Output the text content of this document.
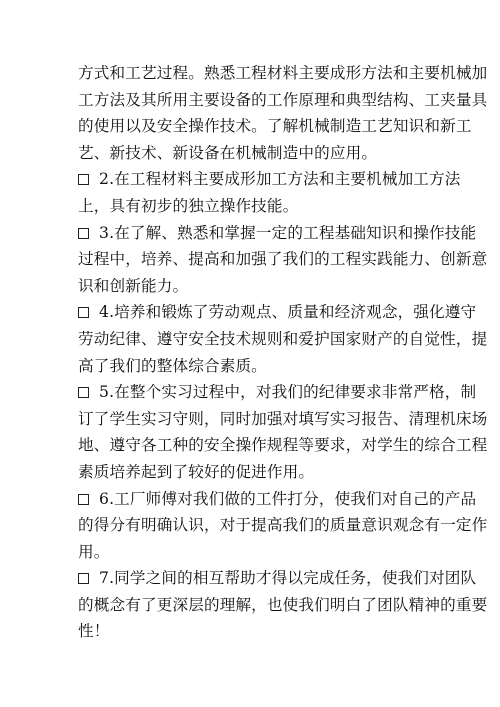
方式和工艺过程。熟悉工程材料主要成形方法和主要机械加
工方法及其所用主要设备的工作原理和典型结构、工夹量具
的使用以及安全操作技术。了解机械制造工艺知识和新工
艺、新技术、新设备在机械制造中的应用。
2.在工程材料主要成形加工方法和主要机械加工方法
上，具有初步的独立操作技能。
3.在了解、熟悉和掌握一定的工程基础知识和操作技能
过程中，培养、提高和加强了我们的工程实践能力、创新意
识和创新能力。
4.培养和锻炼了劳动观点、质量和经济观念，强化遵守
劳动纪律、遵守安全技术规则和爱护国家财产的自觉性，提
高了我们的整体综合素质。
5.在整个实习过程中，对我们的纪律要求非常严格，制
订了学生实习守则，同时加强对填写实习报告、清理机床场
地、遵守各工种的安全操作规程等要求，对学生的综合工程
素质培养起到了较好的促进作用。
6.工厂师傅对我们做的工件打分，使我们对自己的产品
的得分有明确认识，对于提高我们的质量意识观念有一定作
用。
7.同学之间的相互帮助才得以完成任务，使我们对团队
的概念有了更深层的理解，也使我们明白了团队精神的重要
性！
